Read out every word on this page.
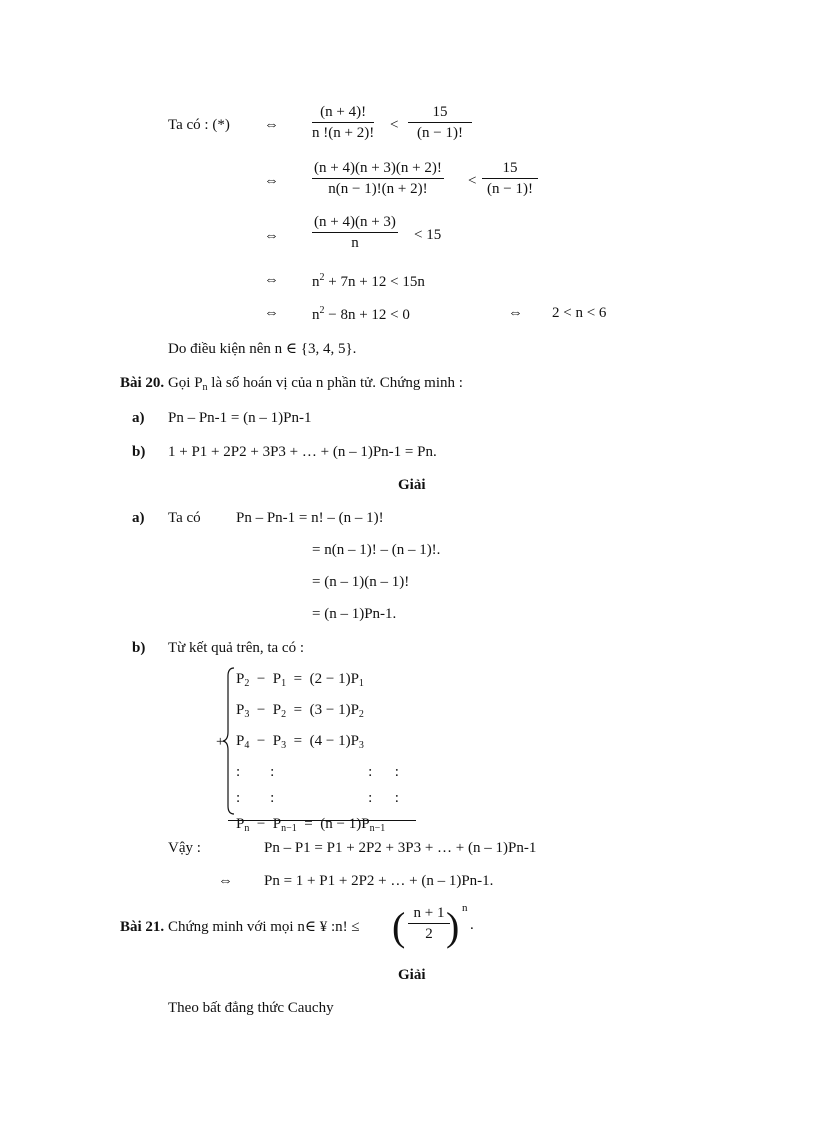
Ta có : (*) ⇔ $\frac{(n + 4)!}{n !(n + 2)!} < \frac{15}{(n - 1)!}$
⇔ $\frac{(n + 4)(n + 3)(n + 2)!}{n(n - 1)!(n + 2)!} < \frac{15}{(n - 1)!}$
⇔ $\frac{(n + 4)(n + 3)}{n} < 15$
⇔ $n^2 + 7n + 12 < 15n$
⇔ $n^2 - 8n + 12 < 0$	⇔ 2 < n < 6
Do điều kiện nên n ∈ {3, 4, 5}.
Bài 20. Gọi $P_n$ là số hoán vị của n phần tử. Chứng minh :
a) Pn – Pn-1 = (n – 1)Pn-1
b) 1 + P1 + 2P2 + 3P3 + … + (n – 1)Pn-1 = Pn.
Giải
a) Ta có Pn – Pn-1 = n! – (n – 1)!
= n(n – 1)! – (n – 1)!.
= (n – 1)(n – 1)!
= (n – 1)Pn-1.
b) Từ kết quả trên, ta có :
+
$P_2 - P_1 = (2 - 1)P_1$
$P_3 - P_2 = (3 - 1)P_2$
$P_4 - P_3 = (4 - 1)P_3$
:        :                         :      :
:        :                         :      :
$P_n - P_{n-1} = (n - 1)P_{n-1}$
Vậy :	Pn – P1 = P1 + 2P2 + 3P3 + … + (n – 1)Pn-1
⇔ Pn = 1 + P1 + 2P2 + … + (n – 1)Pn-1.
Bài 21. Chứng minh với mọi n∈ ¥ :n! ≤ ( $\frac{n + 1}{2}$
) n
.
Giải
Theo bất đẳng thức Cauchy
